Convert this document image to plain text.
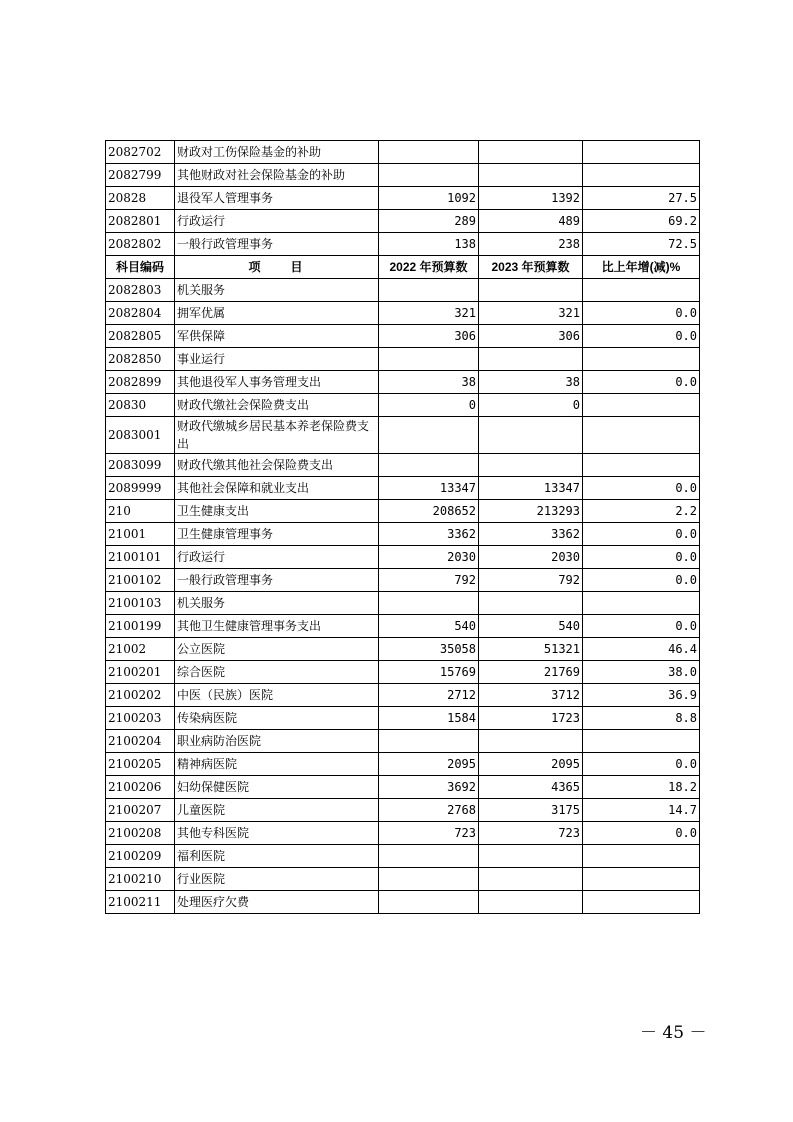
2082702	财政对工伤保险基金的补助			
2082799	其他财政对社会保险基金的补助			
20828	退役军人管理事务	1092	1392	27.5
2082801	行政运行	289	489	69.2
2082802	一般行政管理事务	138	238	72.5
科目编码	项　　目	2022 年预算数	2023 年预算数	比上年增(减)%
2082803	机关服务			
2082804	拥军优属	321	321	0.0
2082805	军供保障	306	306	0.0
2082850	事业运行			
2082899	其他退役军人事务管理支出	38	38	0.0
20830	财政代缴社会保险费支出	0	0	
2083001	财政代缴城乡居民基本养老保险费支出			
2083099	财政代缴其他社会保险费支出			
2089999	其他社会保障和就业支出	13347	13347	0.0
210	卫生健康支出	208652	213293	2.2
21001	卫生健康管理事务	3362	3362	0.0
2100101	行政运行	2030	2030	0.0
2100102	一般行政管理事务	792	792	0.0
2100103	机关服务			
2100199	其他卫生健康管理事务支出	540	540	0.0
21002	公立医院	35058	51321	46.4
2100201	综合医院	15769	21769	38.0
2100202	中医（民族）医院	2712	3712	36.9
2100203	传染病医院	1584	1723	8.8
2100204	职业病防治医院			
2100205	精神病医院	2095	2095	0.0
2100206	妇幼保健医院	3692	4365	18.2
2100207	儿童医院	2768	3175	14.7
2100208	其他专科医院	723	723	0.0
2100209	福利医院			
2100210	行业医院			
2100211	处理医疗欠费			
－ 45 －
